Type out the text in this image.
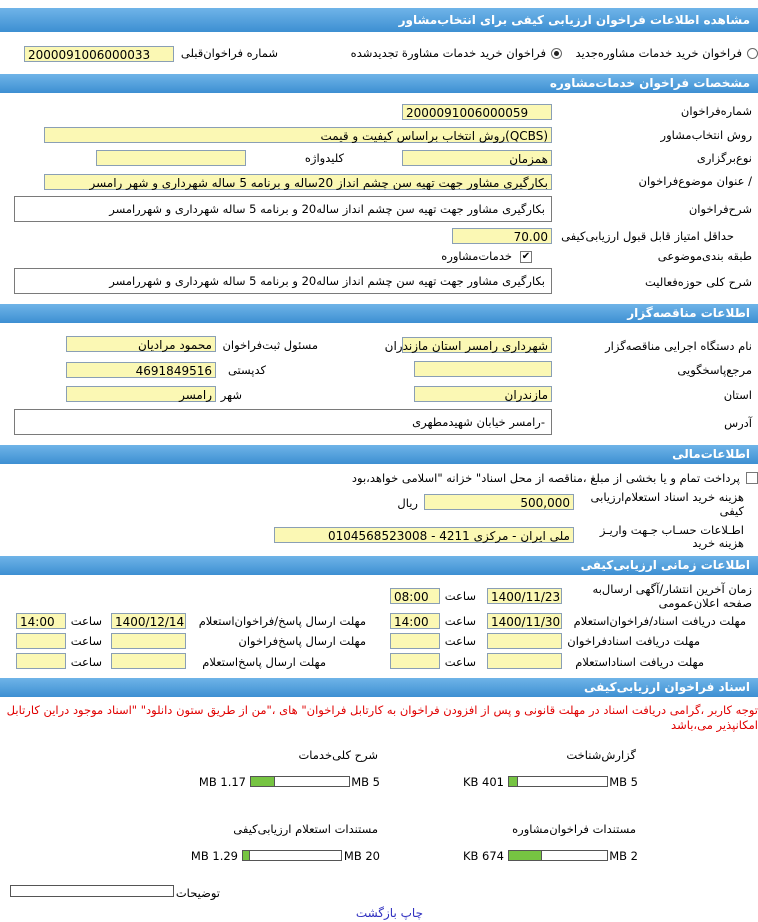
مشاهده اطلاعات فراخوان ارزیابی کیفی برای انتخاب‌مشاور
فراخوان خرید خدمات مشاوره‌جدید
فراخوان خرید خدمات مشاورة تجدیدشده
شماره فراخوان‌قبلی
2000091006000033
مشخصات فراخوان خدمات‌مشاوره
شماره‌فراخوان
2000091006000059
روش انتخاب‌مشاور
(QCBS)روش انتخاب براساس کیفیت و قیمت
نوع‌برگزاری
همزمان
کلیدواژه
/ عنوان موضوع‌فراخوان
بکارگیری مشاور جهت تهیه سن چشم انداز 20ساله و برنامه 5 ساله شهرداری و شهر رامسر
شرح‌فراخوان
بکارگیری مشاور جهت تهیه سن چشم انداز ساله20 و برنامه 5 ساله شهرداری و شهررامسر
حداقل امتیاز قابل قبول ارزیابی‌کیفی
70.00
طبقه بندی‌موضوعی
✔
خدمات‌مشاوره
شرح کلی حوزه‌فعالیت
بکارگیری مشاور جهت تهیه سن چشم انداز ساله20 و برنامه 5 ساله شهرداری و شهررامسر
اطلاعات مناقصه‌گزار
نام دستگاه اجرایی مناقصه‌گزار
شهرداری رامسر استان مازندران
مسئول ثبت‌فراخوان
محمود مرادیان
مرجع‌پاسخگویی
کدپستی
4691849516
استان
مازندران
شهر
رامسر
آدرس
-رامسر خیابان شهیدمطهری
اطلاعات‌مالی
پرداخت تمام و یا بخشی از مبلغ ،مناقصه از محل اسناد" خزانه "اسلامی خواهد،بود
هزینه خرید اسناد استعلام‌ارزیابی کیفی
500,000
ریال
اطـلاعات حسـاب جـهت واریـز هزینه خرید
ملی ایران - مرکزی 4211 - 0104568523008
اطلاعات زمانی ارزیابی‌کیفی
زمان آخرین انتشار/آگهی ارسال‌به صفحه اعلان‌عمومی
1400/11/23
ساعت
08:00
مهلت دریافت اسناد/فراخوان‌استعلام
1400/11/30
ساعت
14:00
مهلت ارسال پاسخ/فراخوان‌استعلام
1400/12/14
ساعت
14:00
مهلت دریافت اسنادفراخوان
ساعت
مهلت ارسال پاسخ‌فراخوان
ساعت
مهلت دریافت اسناداستعلام
ساعت
مهلت ارسال پاسخ‌استعلام
ساعت
اسناد فراخوان ارزیابی‌کیفی
توجه کاربر ،گرامی دریافت اسناد در مهلت قانونی و پس از افزودن فراخوان به کارتابل فراخوان" های ،"من از طریق ستون دانلود" "اسناد موجود دراین کارتابل امکانپذیر می‌،باشد
گزارش‌شناخت
5 MB
401 KB
شرح کلی‌خدمات
5 MB
1.17 MB
مستندات فراخوان‌مشاوره
2 MB
674 KB
مستندات استعلام ارزیابی‌کیفی
20 MB
1.29 MB
توضیحات
چاپ بازگشت
